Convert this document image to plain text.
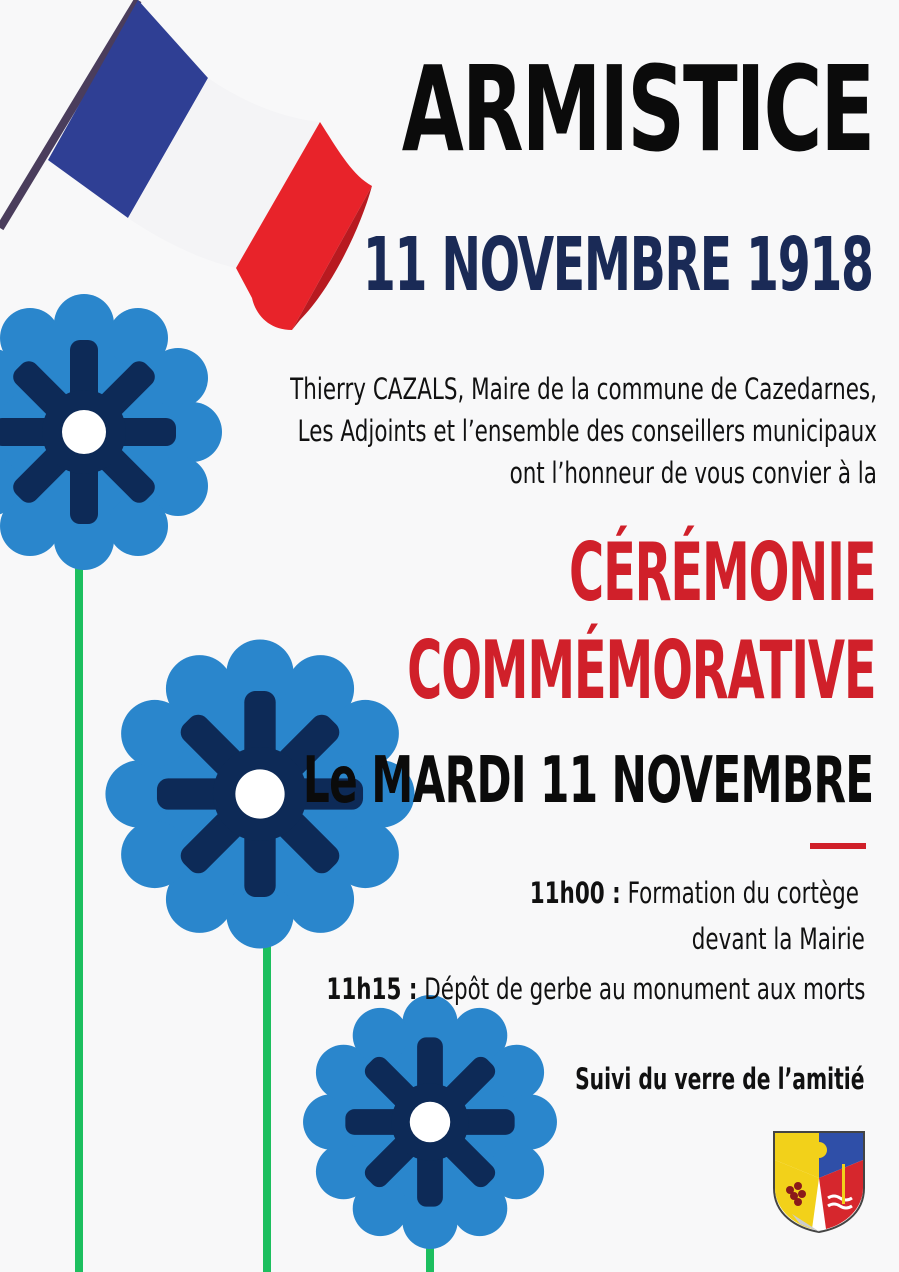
ARMISTICE
11 NOVEMBRE 1918
Thierry CAZALS, Maire de la commune de Cazedarnes,
Les Adjoints et l’ensemble des conseillers municipaux
ont l’honneur de vous convier à la
CÉRÉMONIE
COMMÉMORATIVE
Le MARDI 11 NOVEMBRE
11h00 : Formation du cortège
devant la Mairie
11h15 : Dépôt de gerbe au monument aux morts
Suivi du verre de l’amitié
